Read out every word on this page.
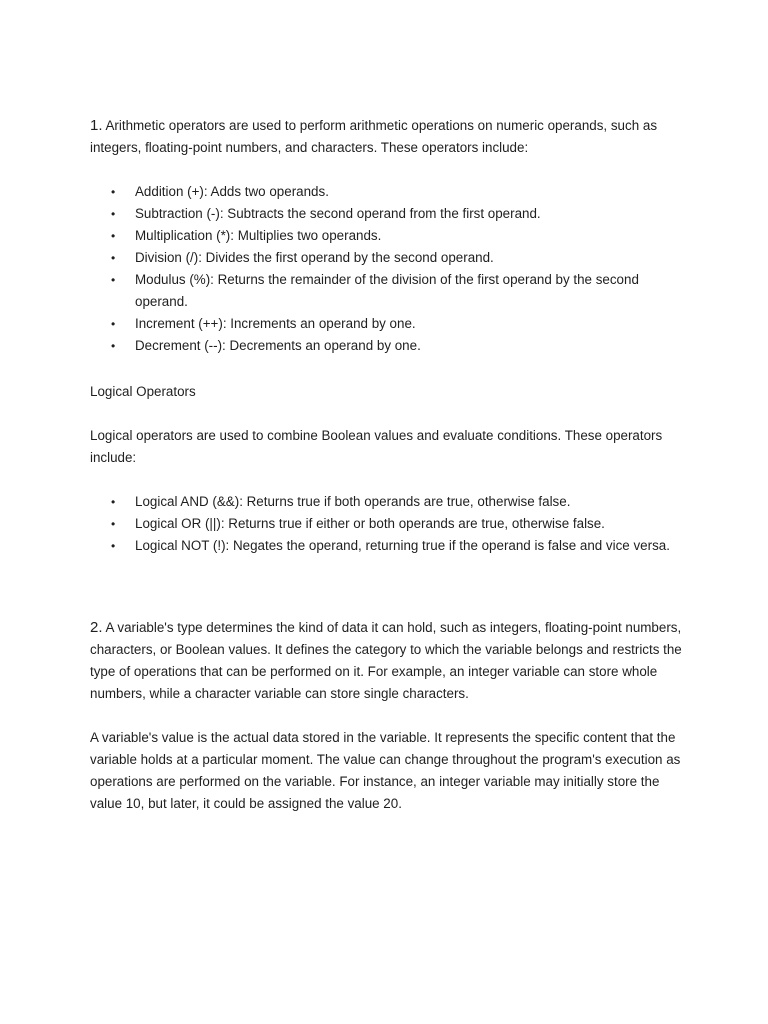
1. Arithmetic operators are used to perform arithmetic operations on numeric operands, such as integers, floating-point numbers, and characters. These operators include:

• Addition (+): Adds two operands.
• Subtraction (-): Subtracts the second operand from the first operand.
• Multiplication (*): Multiplies two operands.
• Division (/): Divides the first operand by the second operand.
• Modulus (%): Returns the remainder of the division of the first operand by the second operand.
• Increment (++): Increments an operand by one.
• Decrement (--): Decrements an operand by one.

Logical Operators

Logical operators are used to combine Boolean values and evaluate conditions. These operators include:

• Logical AND (&&): Returns true if both operands are true, otherwise false.
• Logical OR (||): Returns true if either or both operands are true, otherwise false.
• Logical NOT (!): Negates the operand, returning true if the operand is false and vice versa.

2. A variable's type determines the kind of data it can hold, such as integers, floating-point numbers, characters, or Boolean values. It defines the category to which the variable belongs and restricts the type of operations that can be performed on it. For example, an integer variable can store whole numbers, while a character variable can store single characters.

A variable's value is the actual data stored in the variable. It represents the specific content that the variable holds at a particular moment. The value can change throughout the program's execution as operations are performed on the variable. For instance, an integer variable may initially store the value 10, but later, it could be assigned the value 20.
